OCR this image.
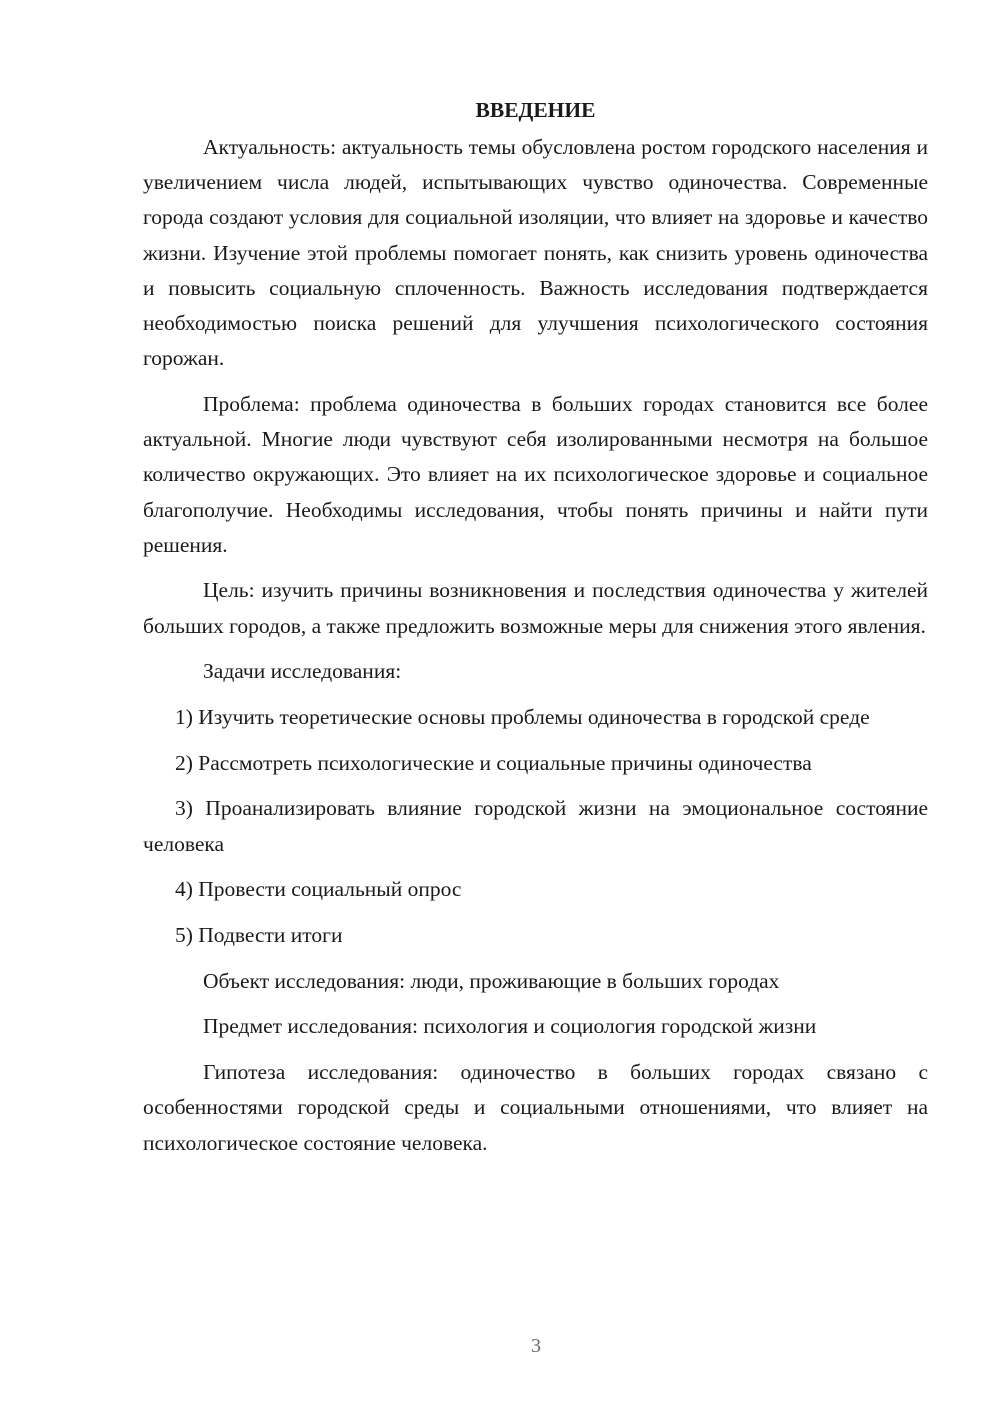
ВВЕДЕНИЕ

Актуальность: актуальность темы обусловлена ростом городского населения и увеличением числа людей, испытывающих чувство одиночества. Современные города создают условия для социальной изоляции, что влияет на здоровье и качество жизни. Изучение этой проблемы помогает понять, как снизить уровень одиночества и повысить социальную сплоченность. Важность исследования подтверждается необходимостью поиска решений для улучшения психологического состояния горожан.

Проблема: проблема одиночества в больших городах становится все более актуальной. Многие люди чувствуют себя изолированными несмотря на большое количество окружающих. Это влияет на их психологическое здоровье и социальное благополучие. Необходимы исследования, чтобы понять причины и найти пути решения.

Цель: изучить причины возникновения и последствия одиночества у жителей больших городов, а также предложить возможные меры для снижения этого явления.

Задачи исследования:

1) Изучить теоретические основы проблемы одиночества в городской среде

2) Рассмотреть психологические и социальные причины одиночества

3) Проанализировать влияние городской жизни на эмоциональное состояние человека

4) Провести социальный опрос

5) Подвести итоги

Объект исследования: люди, проживающие в больших городах

Предмет исследования: психология и социология городской жизни

Гипотеза исследования: одиночество в больших городах связано с особенностями городской среды и социальными отношениями, что влияет на психологическое состояние человека.

3
